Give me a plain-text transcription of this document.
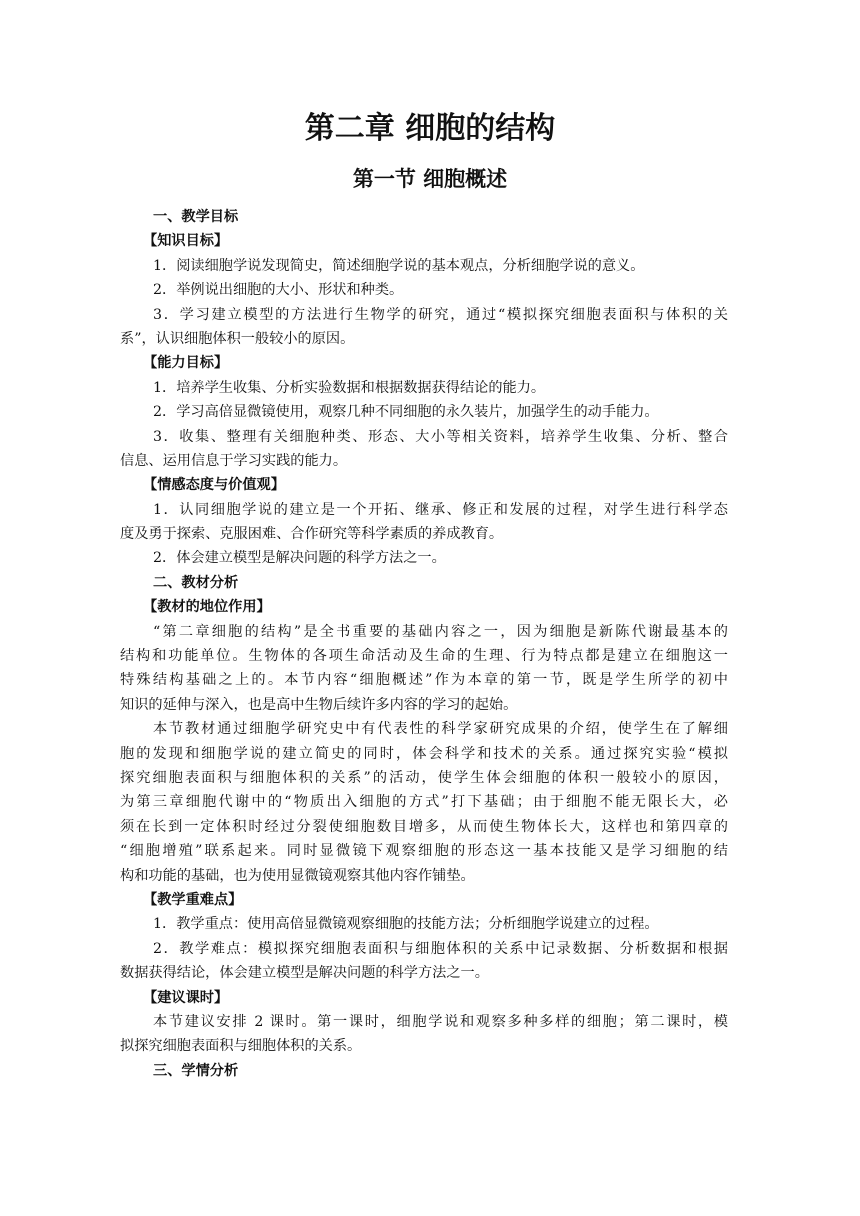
第二章 细胞的结构
第一节 细胞概述
一、教学目标
【知识目标】
1．阅读细胞学说发现简史，简述细胞学说的基本观点，分析细胞学说的意义。
2．举例说出细胞的大小、形状和种类。
3．学习建立模型的方法进行生物学的研究，通过“模拟探究细胞表面积与体积的关
系”，认识细胞体积一般较小的原因。
【能力目标】
1．培养学生收集、分析实验数据和根据数据获得结论的能力。
2．学习高倍显微镜使用，观察几种不同细胞的永久装片，加强学生的动手能力。
3．收集、整理有关细胞种类、形态、大小等相关资料，培养学生收集、分析、整合
信息、运用信息于学习实践的能力。
【情感态度与价值观】
1．认同细胞学说的建立是一个开拓、继承、修正和发展的过程，对学生进行科学态
度及勇于探索、克服困难、合作研究等科学素质的养成教育。
2．体会建立模型是解决问题的科学方法之一。
二、教材分析
【教材的地位作用】
“第二章细胞的结构”是全书重要的基础内容之一，因为细胞是新陈代谢最基本的
结构和功能单位。生物体的各项生命活动及生命的生理、行为特点都是建立在细胞这一
特殊结构基础之上的。本节内容“细胞概述”作为本章的第一节，既是学生所学的初中
知识的延伸与深入，也是高中生物后续许多内容的学习的起始。
本节教材通过细胞学研究史中有代表性的科学家研究成果的介绍，使学生在了解细
胞的发现和细胞学说的建立简史的同时，体会科学和技术的关系。通过探究实验“模拟
探究细胞表面积与细胞体积的关系”的活动，使学生体会细胞的体积一般较小的原因，
为第三章细胞代谢中的“物质出入细胞的方式”打下基础；由于细胞不能无限长大，必
须在长到一定体积时经过分裂使细胞数目增多，从而使生物体长大，这样也和第四章的
“细胞增殖”联系起来。同时显微镜下观察细胞的形态这一基本技能又是学习细胞的结
构和功能的基础，也为使用显微镜观察其他内容作铺垫。
【教学重难点】
1．教学重点：使用高倍显微镜观察细胞的技能方法；分析细胞学说建立的过程。
2．教学难点：模拟探究细胞表面积与细胞体积的关系中记录数据、分析数据和根据
数据获得结论，体会建立模型是解决问题的科学方法之一。
【建议课时】
本节建议安排 2 课时。第一课时，细胞学说和观察多种多样的细胞；第二课时，模
拟探究细胞表面积与细胞体积的关系。
三、学情分析
